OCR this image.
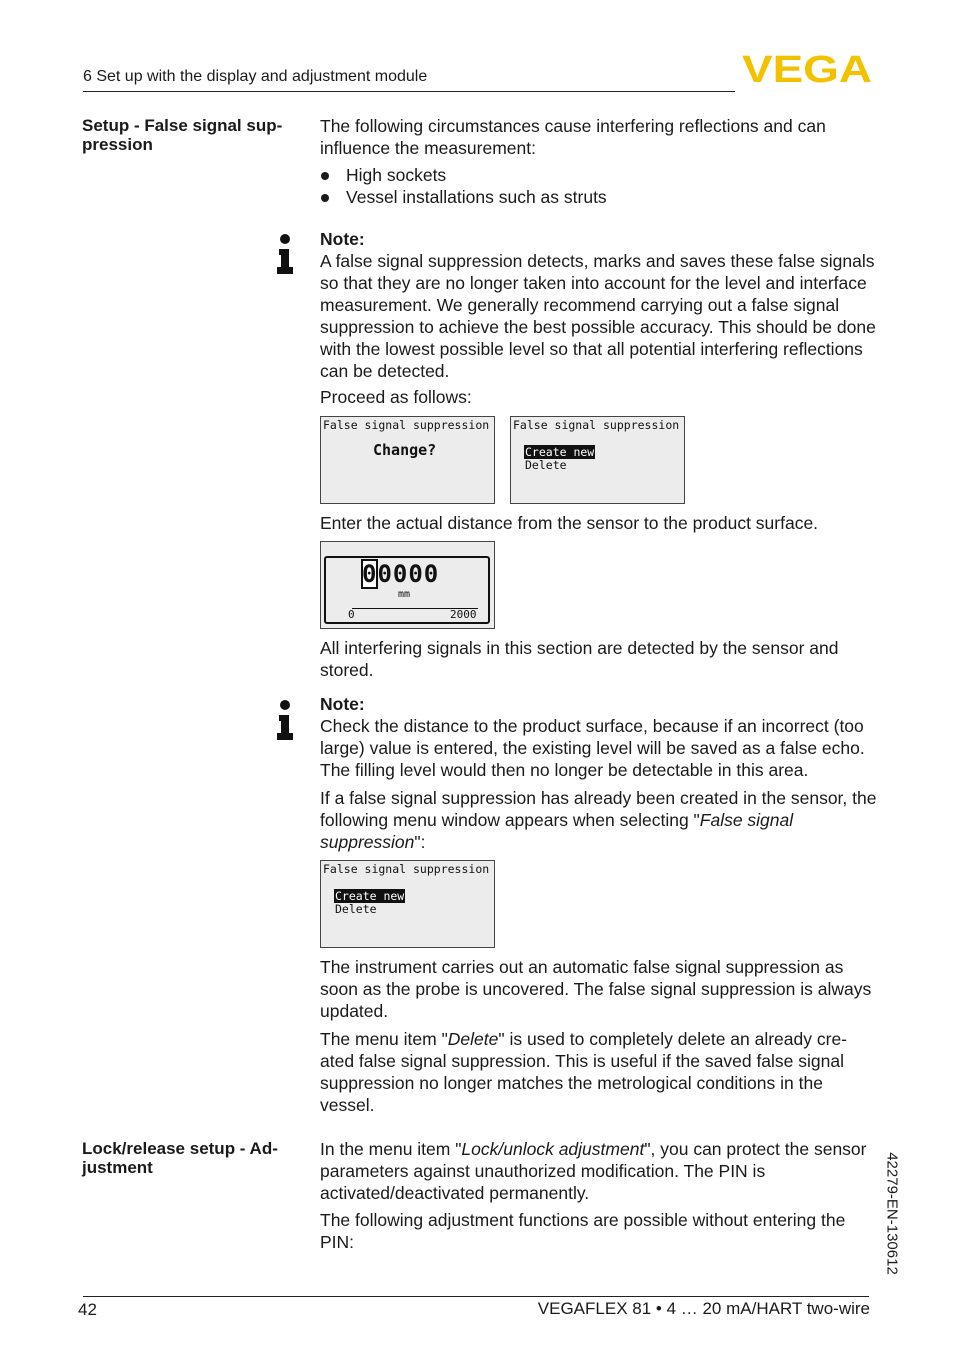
6 Set up with the display and adjustment module	VEGA
Setup - False signal sup-
pression
The following circumstances cause interfering reflections and can influence the measurement:
High sockets
Vessel installations such as struts
Note:
A false signal suppression detects, marks and saves these false signals so that they are no longer taken into account for the level and interface measurement. We generally recommend carrying out a false signal suppression to achieve the best possible accuracy. This should be done with the lowest possible level so that all potential interfering reflections can be detected.
Proceed as follows:
False signal suppression
Change?
False signal suppression
Create new
Delete
Enter the actual distance from the sensor to the product surface.
00000
mm
0	2000
All interfering signals in this section are detected by the sensor and stored.
Note:
Check the distance to the product surface, because if an incorrect (too large) value is entered, the existing level will be saved as a false echo. The filling level would then no longer be detectable in this area.
If a false signal suppression has already been created in the sensor, the following menu window appears when selecting "False signal suppression":
False signal suppression
Create new
Delete
The instrument carries out an automatic false signal suppression as soon as the probe is uncovered. The false signal suppression is always updated.
The menu item "Delete" is used to completely delete an already cre-ated false signal suppression. This is useful if the saved false signal suppression no longer matches the metrological conditions in the vessel.
Lock/release setup - Ad-
justment
In the menu item "Lock/unlock adjustment", you can protect the sensor parameters against unauthorized modification. The PIN is activated/deactivated permanently.
The following adjustment functions are possible without entering the PIN:	42279-EN-130612
42	VEGAFLEX 81 • 4 … 20 mA/HART two-wire
